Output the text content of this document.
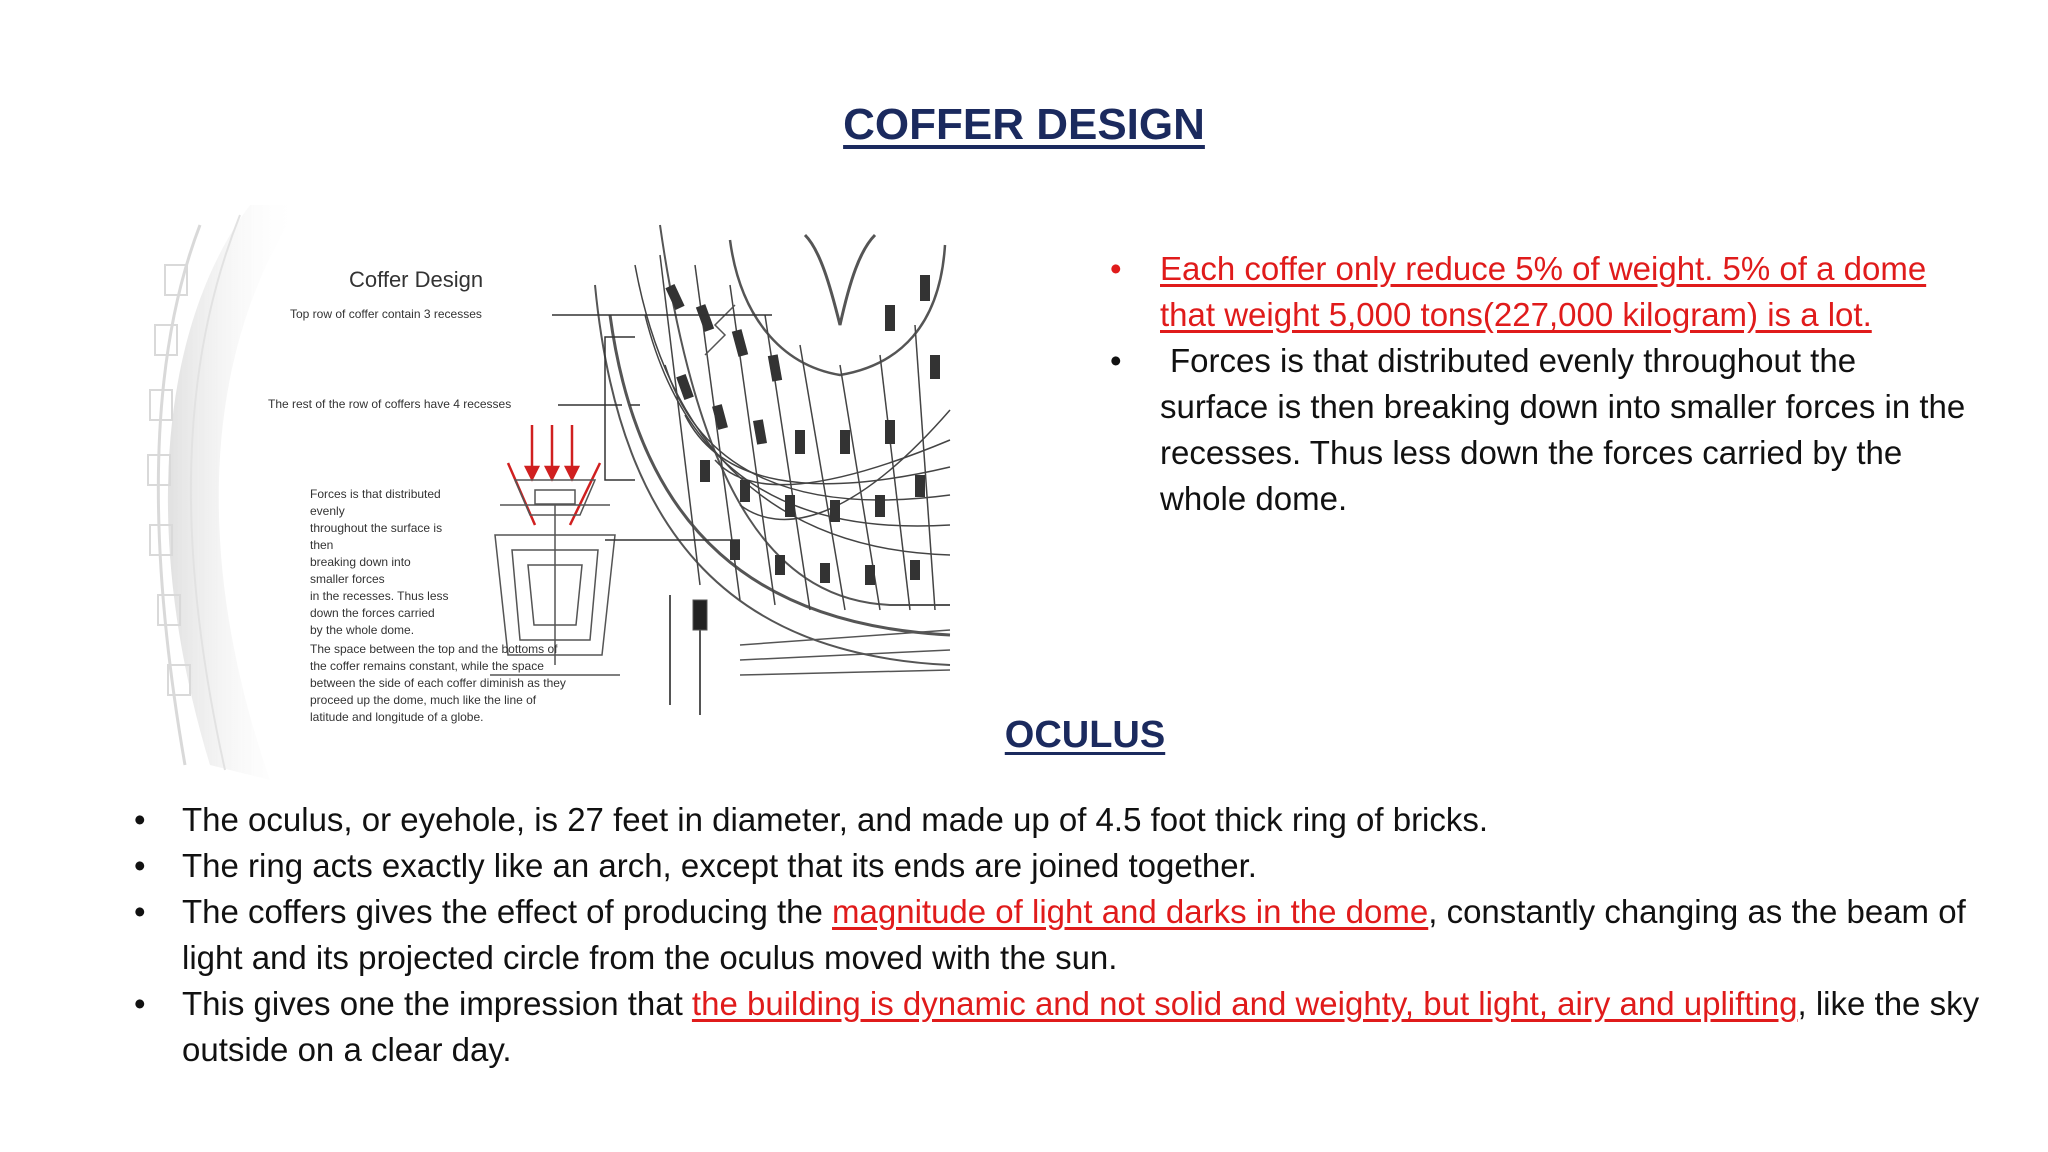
COFFER DESIGN
Coffer Design
Top row of coffer contain 3 recesses
The rest of the row of coffers have 4 recesses
Forces is that distributed
evenly
throughout the surface is
then
breaking down into
smaller forces
in the recesses. Thus less
down the forces carried
by the whole dome.
The space between the top and the bottoms of
the coffer remains constant, while the space
between the side of each coffer diminish as they
proceed up the dome, much like the line of
latitude and longitude of a globe.
• Each coffer only reduce 5% of weight. 5% of a dome that weight 5,000 tons(227,000 kilogram) is a lot.
• Forces is that distributed evenly throughout the surface is then breaking down into smaller forces in the recesses. Thus less down the forces carried by the whole dome.
OCULUS
• The oculus, or eyehole, is 27 feet in diameter, and made up of 4.5 foot thick ring of bricks.
• The ring acts exactly like an arch, except that its ends are joined together.
• The coffers gives the effect of producing the magnitude of light and darks in the dome, constantly changing as the beam of light and its projected circle from the oculus moved with the sun.
• This gives one the impression that the building is dynamic and not solid and weighty, but light, airy and uplifting, like the sky outside on a clear day.
